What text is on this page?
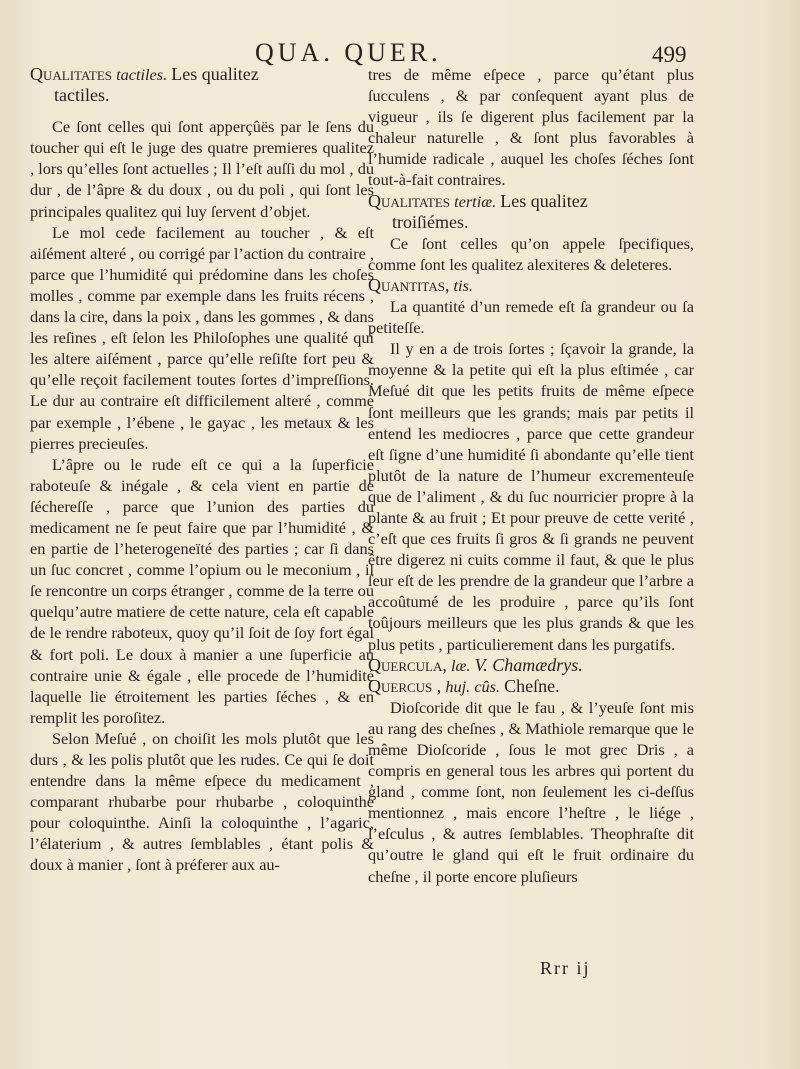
QUA. QUER.	499

Qualitates tactiles. Les qualitez
tactiles.

Ce ſont celles qui ſont apperçûës par le ſens du toucher qui eſt le juge des quatre premieres qualitez , lors qu’elles ſont actuelles ; Il l’eſt auſſi du mol , du dur , de l’âpre & du doux , ou du poli , qui ſont les principales qualitez qui luy ſervent d’objet.

Le mol cede facilement au toucher , & eſt aiſément alteré , ou corrigé par l’action du contraire , parce que l’humidité qui prédomine dans les choſes molles , comme par exemple dans les fruits récens , dans la cire, dans la poix , dans les gommes , & dans les reſines , eſt ſelon les Philoſophes une qualité qui les altere aiſément , parce qu’elle reſiſte fort peu & qu’elle reçoit facilement toutes ſortes d’impreſſions. Le dur au contraire eſt difficilement alteré , comme par exemple , l’ébene , le gayac , les metaux & les pierres precieuſes.

L’âpre ou le rude eſt ce qui a la ſuperficie raboteuſe & inégale , & cela vient en partie de ſéchereſſe , parce que l’union des parties du medicament ne ſe peut faire que par l’humidité , & en partie de l’heterogeneïté des parties ; car ſi dans un ſuc concret , comme l’opium ou le meconium , il ſe rencontre un corps étranger , comme de la terre ou quelqu’autre matiere de cette nature, cela eſt capable de le rendre raboteux, quoy qu’il ſoit de ſoy fort égal & fort poli. Le doux à manier a une ſuperficie au contraire unie & égale , elle procede de l’humidité laquelle lie étroitement les parties ſéches , & en remplit les poroſitez.

Selon Meſué , on choiſit les mols plutôt que les durs , & les polis plutôt que les rudes. Ce qui ſe doit entendre dans la même eſpece du medicament , comparant rhubarbe pour rhubarbe , coloquinthe pour coloquinthe. Ainſi la coloquinthe , l’agaric, l’élaterium , & autres ſemblables , étant polis & doux à manier , ſont à préferer aux au-

tres de même eſpece , parce qu’étant plus ſucculens , & par conſequent ayant plus de vigueur , ils ſe digerent plus facilement par la chaleur naturelle , & ſont plus favorables à l’humide radicale , auquel les choſes ſéches ſont tout-à-fait contraires.

Qualitates tertiæ. Les qualitez
troiſiémes.

Ce ſont celles qu’on appele ſpecifiques, comme ſont les qualitez alexiteres & deleteres.

Quantitas, tis.

La quantité d’un remede eſt ſa grandeur ou ſa petiteſſe.

Il y en a de trois ſortes ; ſçavoir la grande, la moyenne & la petite qui eſt la plus eſtimée , car Meſué dit que les petits fruits de même eſpece ſont meilleurs que les grands; mais par petits il entend les mediocres , parce que cette grandeur eſt ſigne d’une humidité ſi abondante qu’elle tient plutôt de la nature de l’humeur excrementeuſe que de l’aliment , & du ſuc nourricier propre à la plante & au fruit ; Et pour preuve de cette verité , c’eſt que ces fruits ſi gros & ſi grands ne peuvent être digerez ni cuits comme il faut, & que le plus ſeur eſt de les prendre de la grandeur que l’arbre a accoûtumé de les produire , parce qu’ils ſont toûjours meilleurs que les plus grands & que les plus petits , particulierement dans les purgatifs.

Quercula, læ. V. Chamædrys.

Quercus , huj. cûs. Cheſne.

Dioſcoride dit que le fau , & l’yeuſe ſont mis au rang des cheſnes , & Mathiole remarque que le même Dioſcoride , ſous le mot grec Dris , a compris en general tous les arbres qui portent du gland , comme ſont, non ſeulement les ci-deſſus mentionnez , mais encore l’heſtre , le liége , l’eſculus , & autres ſemblables. Theophraſte dit qu’outre le gland qui eſt le fruit ordinaire du cheſne , il porte encore pluſieurs

Rrr ij
